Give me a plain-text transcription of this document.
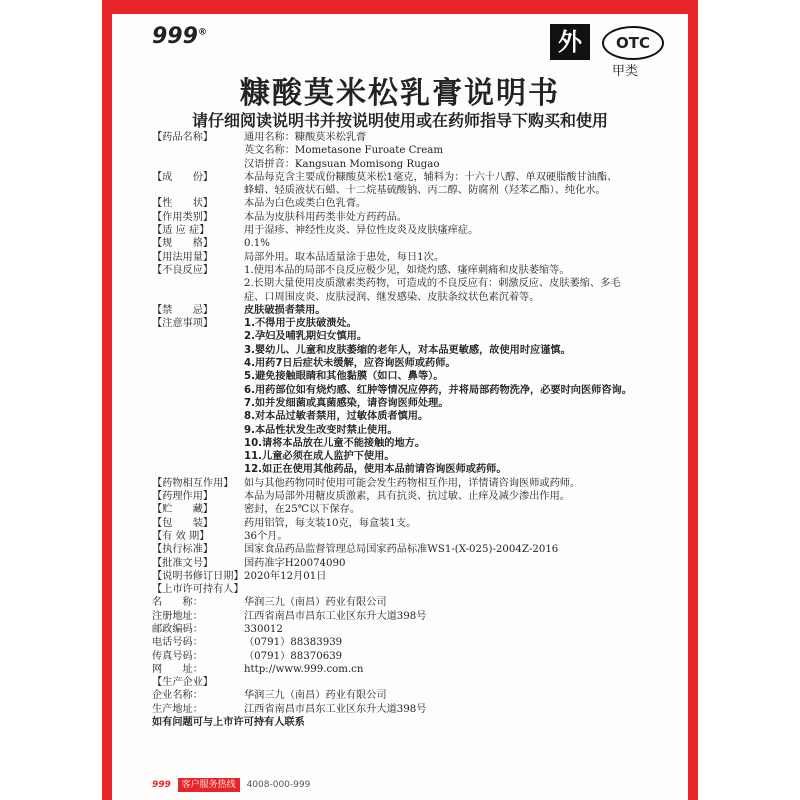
999®	外	OTC
甲类
糠酸莫米松乳膏说明书
请仔细阅读说明书并按说明使用或在药师指导下购买和使用
【药品名称】	通用名称：糠酸莫米松乳膏
英文名称：Mometasone Furoate Cream
汉语拼音：Kangsuan Momisong Rugao
【成　　份】	本品每克含主要成份糠酸莫米松1毫克，辅料为：十六十八醇、单双硬脂酸甘油酯、
蜂蜡、轻质液状石蜡、十二烷基硫酸钠、丙二醇、防腐剂（羟苯乙酯）、纯化水。
【性　　状】	本品为白色或类白色乳膏。
【作用类别】	本品为皮肤科用药类非处方药药品。
【适 应 症】	用于湿疹、神经性皮炎、异位性皮炎及皮肤瘙痒症。
【规　　格】	0.1%
【用法用量】	局部外用。取本品适量涂于患处，每日1次。
【不良反应】	1.使用本品的局部不良反应极少见，如烧灼感、瘙痒刺痛和皮肤萎缩等。
2.长期大量使用皮质激素类药物，可造成的不良反应有：刺激反应、皮肤萎缩、多毛
症、口周围皮炎、皮肤浸润、继发感染、皮肤条纹状色素沉着等。
【禁　　忌】	皮肤破损者禁用。
【注意事项】	1.不得用于皮肤破溃处。
2.孕妇及哺乳期妇女慎用。
3.婴幼儿、儿童和皮肤萎缩的老年人，对本品更敏感，故使用时应谨慎。
4.用药7日后症状未缓解，应咨询医师或药师。
5.避免接触眼睛和其他黏膜（如口、鼻等）。
6.用药部位如有烧灼感、红肿等情况应停药，并将局部药物洗净，必要时向医师咨询。
7.如并发细菌或真菌感染，请咨询医师处理。
8.对本品过敏者禁用，过敏体质者慎用。
9.本品性状发生改变时禁止使用。
10.请将本品放在儿童不能接触的地方。
11.儿童必须在成人监护下使用。
12.如正在使用其他药品，使用本品前请咨询医师或药师。
【药物相互作用】	如与其他药物同时使用可能会发生药物相互作用，详情请咨询医师或药师。
【药理作用】	本品为局部外用糖皮质激素，具有抗炎、抗过敏、止痒及减少渗出作用。
【贮　　藏】	密封，在25℃以下保存。
【包　　装】	药用铝管，每支装10克，每盒装1支。
【有 效 期】	36个月。
【执行标准】	国家食品药品监督管理总局国家药品标准WS1-(X-025)-2004Z-2016
【批准文号】	国药准字H20074090
【说明书修订日期】 2020年12月01日
【上市许可持有人】
名　　称：	华润三九（南昌）药业有限公司
注册地址：	江西省南昌市昌东工业区东升大道398号
邮政编码：	330012
电话号码：	（0791）88383939
传真号码：	（0791）88370639
网　　址：	http://www.999.com.cn
【生产企业】
企业名称：	华润三九（南昌）药业有限公司
生产地址：	江西省南昌市昌东工业区东升大道398号
如有问题可与上市许可持有人联系
999 客户服务热线 4008-000-999
